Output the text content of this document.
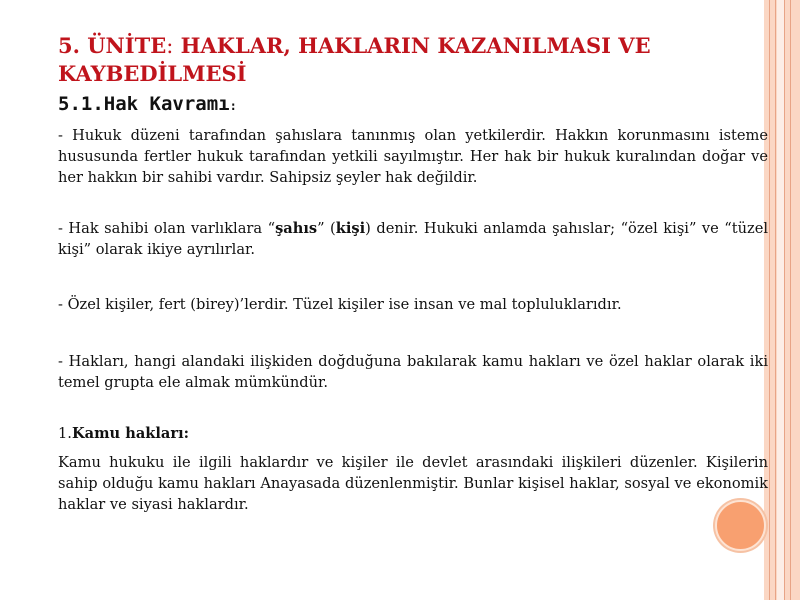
5. ÜNİTE: HAKLAR, HAKLARIN KAZANILMASI VE KAYBEDİLMESİ
5.1.Hak Kavramı:

- Hukuk düzeni tarafından şahıslara tanınmış olan yetkilerdir. Hakkın korunmasını isteme hususunda fertler hukuk tarafından yetkili sayılmıştır. Her hak bir hukuk kuralından doğar ve her hakkın bir sahibi vardır. Sahipsiz şeyler hak değildir.

- Hak sahibi olan varlıklara “şahıs” (kişi) denir. Hukuki anlamda şahıslar; “özel kişi” ve “tüzel kişi” olarak ikiye ayrılırlar.

- Özel kişiler, fert (birey)’lerdir. Tüzel kişiler ise insan ve mal topluluklarıdır.

- Hakları, hangi alandaki ilişkiden doğduğuna bakılarak kamu hakları ve özel haklar olarak iki temel grupta ele almak mümkündür.

1.Kamu hakları:

Kamu hukuku ile ilgili haklardır ve kişiler ile devlet arasındaki ilişkileri düzenler. Kişilerin sahip olduğu kamu hakları Anayasada düzenlenmiştir. Bunlar kişisel haklar, sosyal ve ekonomik haklar ve siyasi haklardır.
